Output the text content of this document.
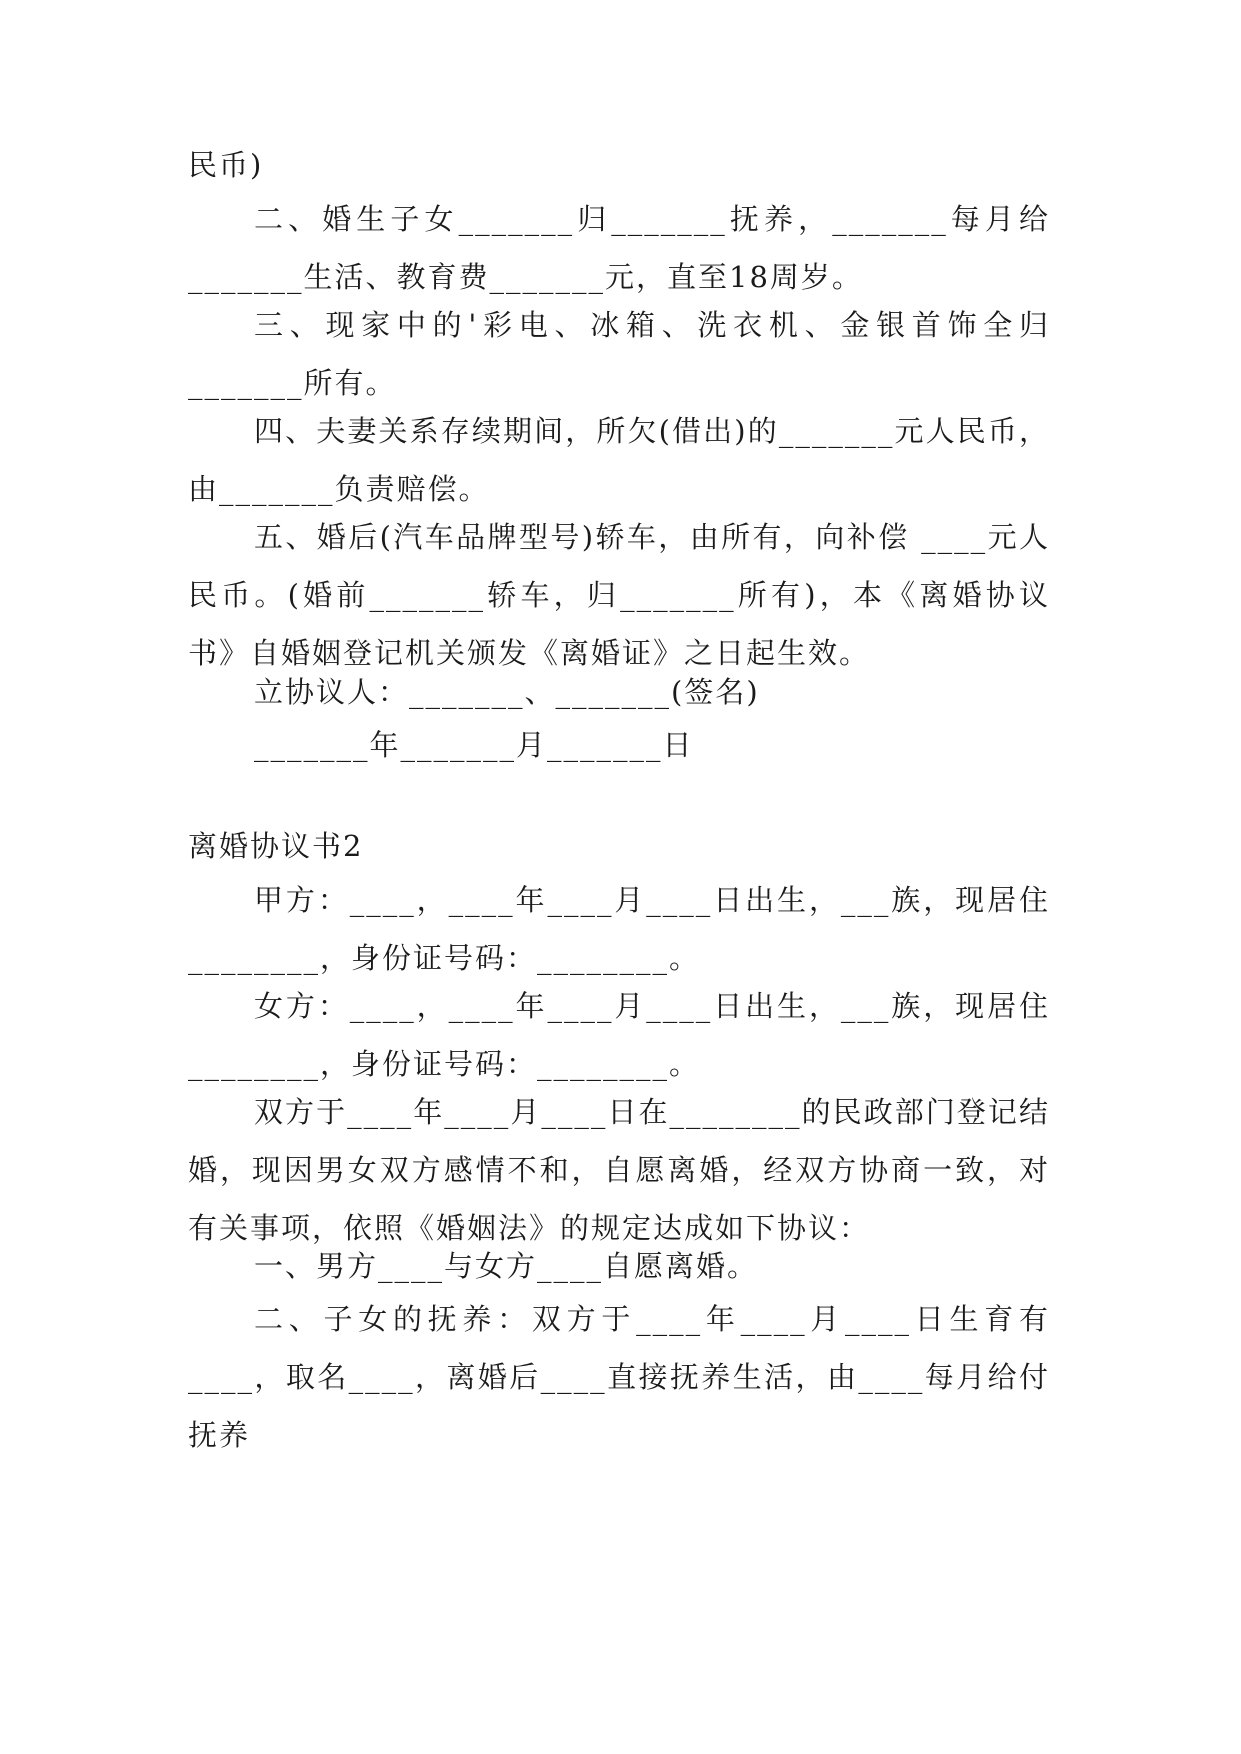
民币)

二、婚生子女_______归_______抚养，_______每月给_______生活、教育费_______元，直至18周岁。

三、现家中的'彩电、冰箱、洗衣机、金银首饰全归_______所有。

四、夫妻关系存续期间，所欠(借出)的_______元人民币，由_______负责赔偿。

五、婚后(汽车品牌型号)轿车，由所有，向补偿 ____元人民币。(婚前_______轿车，归_______所有)，本《离婚协议书》自婚姻登记机关颁发《离婚证》之日起生效。

立协议人：_______、_______(签名)

_______年_______月_______日

离婚协议书2

甲方：____，____年____月____日出生，___族，现居住________，身份证号码：________。

女方：____，____年____月____日出生，___族，现居住________，身份证号码：________。

双方于____年____月____日在________的民政部门登记结婚，现因男女双方感情不和，自愿离婚，经双方协商一致，对有关事项，依照《婚姻法》的规定达成如下协议：

一、男方____与女方____自愿离婚。

二、子女的抚养：双方于____年____月____日生育有____，取名____，离婚后____直接抚养生活，由____每月给付抚养
